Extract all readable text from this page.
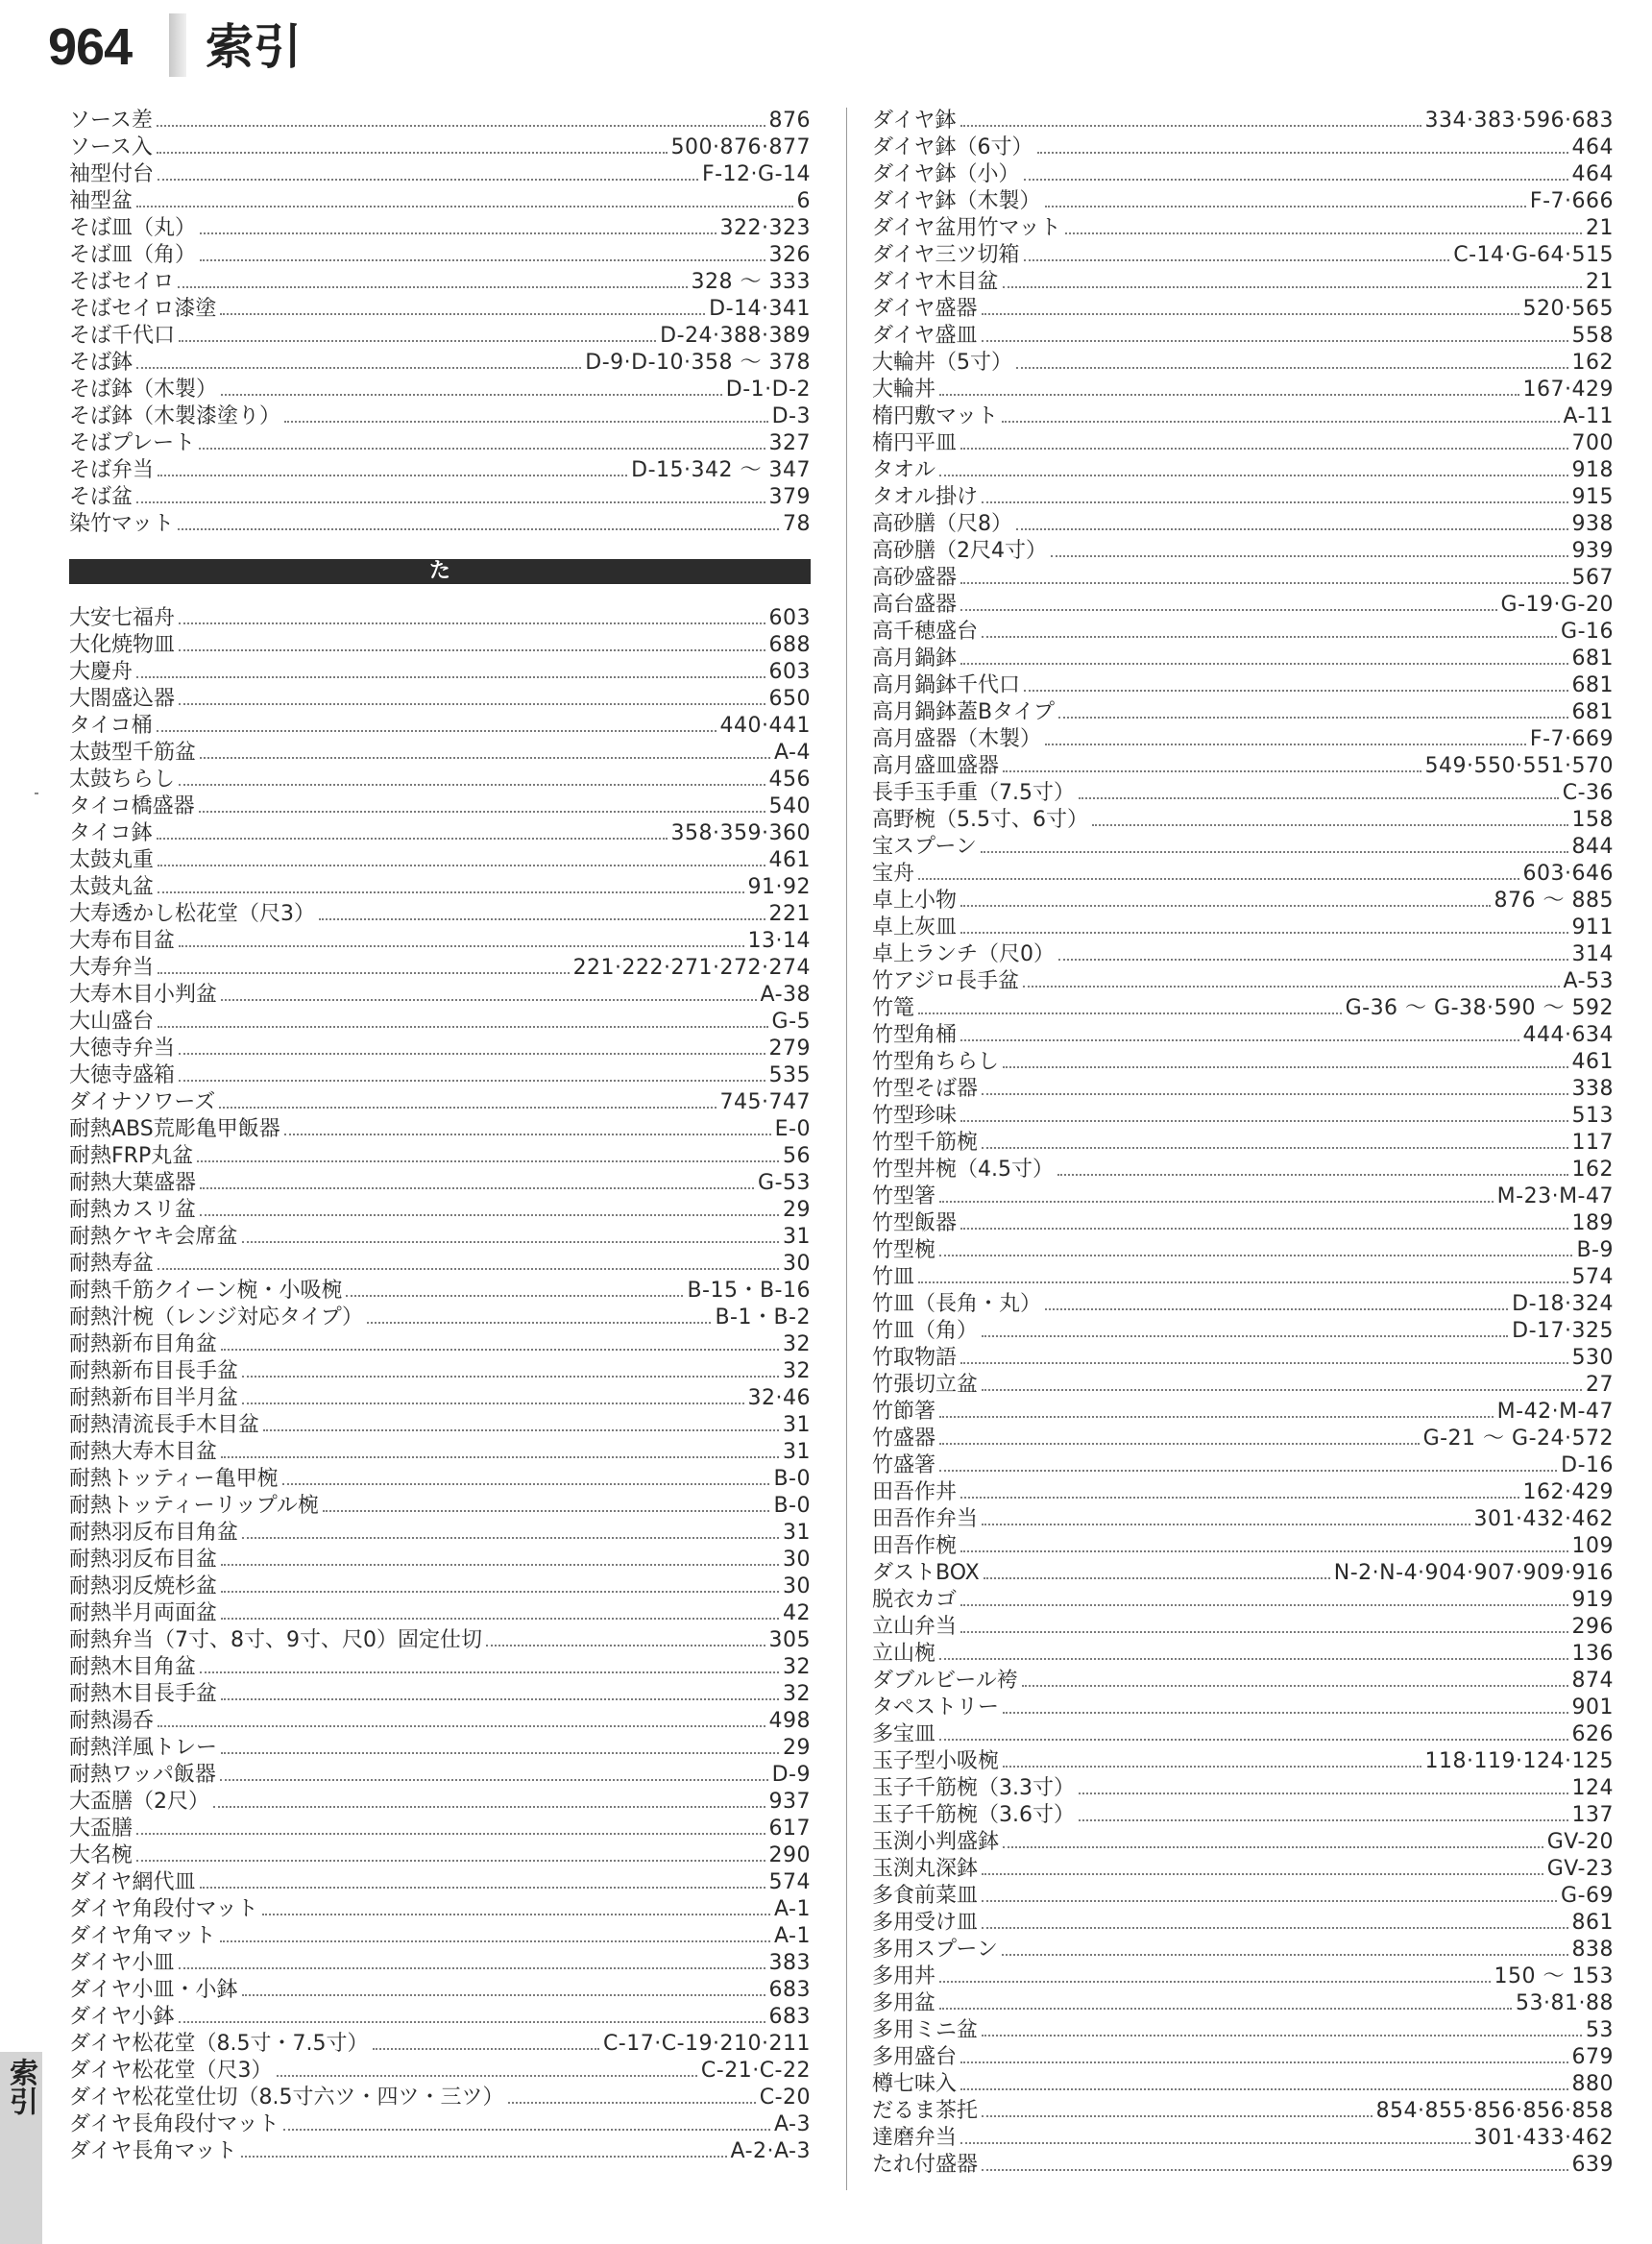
964 索引
ソース差	876
ソース入	500·876·877
袖型付台	F-12·G-14
袖型盆	6
そば皿（丸）	322·323
そば皿（角）	326
そばセイロ	328 ～ 333
そばセイロ漆塗	D-14·341
そば千代口	D-24·388·389
そば鉢	D-9·D-10·358 ～ 378
そば鉢（木製）	D-1·D-2
そば鉢（木製漆塗り）	D-3
そばプレート	327
そば弁当	D-15·342 ～ 347
そば盆	379
染竹マット	78
た
大安七福舟	603
大化焼物皿	688
大慶舟	603
大閤盛込器	650
タイコ桶	440·441
太鼓型千筋盆	A-4
太鼓ちらし	456
タイコ橋盛器	540
タイコ鉢	358·359·360
太鼓丸重	461
太鼓丸盆	91·92
大寿透かし松花堂（尺3）	221
大寿布目盆	13·14
大寿弁当	221·222·271·272·274
大寿木目小判盆	A-38
大山盛台	G-5
大徳寺弁当	279
大徳寺盛箱	535
ダイナソワーズ	745·747
耐熱ABS荒彫亀甲飯器	E-0
耐熱FRP丸盆	56
耐熱大葉盛器	G-53
耐熱カスリ盆	29
耐熱ケヤキ会席盆	31
耐熱寿盆	30
耐熱千筋クイーン椀・小吸椀	B-15・B-16
耐熱汁椀（レンジ対応タイプ）	B-1・B-2
耐熱新布目角盆	32
耐熱新布目長手盆	32
耐熱新布目半月盆	32·46
耐熱清流長手木目盆	31
耐熱大寿木目盆	31
耐熱トッティー亀甲椀	B-0
耐熱トッティーリップル椀	B-0
耐熱羽反布目角盆	31
耐熱羽反布目盆	30
耐熱羽反焼杉盆	30
耐熱半月両面盆	42
耐熱弁当（7寸、8寸、9寸、尺0）固定仕切	305
耐熱木目角盆	32
耐熱木目長手盆	32
耐熱湯呑	498
耐熱洋風トレー	29
耐熱ワッパ飯器	D-9
大盃膳（2尺）	937
大盃膳	617
大名椀	290
ダイヤ網代皿	574
ダイヤ角段付マット	A-1
ダイヤ角マット	A-1
ダイヤ小皿	383
ダイヤ小皿・小鉢	683
ダイヤ小鉢	683
ダイヤ松花堂（8.5寸・7.5寸）	C-17·C-19·210·211
ダイヤ松花堂（尺3）	C-21·C-22
ダイヤ松花堂仕切（8.5寸六ツ・四ツ・三ツ）	C-20
ダイヤ長角段付マット	A-3
ダイヤ長角マット	A-2·A-3
ダイヤ鉢	334·383·596·683
ダイヤ鉢（6寸）	464
ダイヤ鉢（小）	464
ダイヤ鉢（木製）	F-7·666
ダイヤ盆用竹マット	21
ダイヤ三ツ切箱	C-14·G-64·515
ダイヤ木目盆	21
ダイヤ盛器	520·565
ダイヤ盛皿	558
大輪丼（5寸）	162
大輪丼	167·429
楕円敷マット	A-11
楕円平皿	700
タオル	918
タオル掛け	915
高砂膳（尺8）	938
高砂膳（2尺4寸）	939
高砂盛器	567
高台盛器	G-19·G-20
高千穂盛台	G-16
高月鍋鉢	681
高月鍋鉢千代口	681
高月鍋鉢蓋Bタイプ	681
高月盛器（木製）	F-7·669
高月盛皿盛器	549·550·551·570
長手玉手重（7.5寸）	C-36
高野椀（5.5寸、6寸）	158
宝スプーン	844
宝舟	603·646
卓上小物	876 ～ 885
卓上灰皿	911
卓上ランチ（尺0）	314
竹アジロ長手盆	A-53
竹篭	G-36 ～ G-38·590 ～ 592
竹型角桶	444·634
竹型角ちらし	461
竹型そば器	338
竹型珍味	513
竹型千筋椀	117
竹型丼椀（4.5寸）	162
竹型箸	M-23·M-47
竹型飯器	189
竹型椀	B-9
竹皿	574
竹皿（長角・丸）	D-18·324
竹皿（角）	D-17·325
竹取物語	530
竹張切立盆	27
竹節箸	M-42·M-47
竹盛器	G-21 ～ G-24·572
竹盛箸	D-16
田吾作丼	162·429
田吾作弁当	301·432·462
田吾作椀	109
ダストBOX	N-2·N-4·904·907·909·916
脱衣カゴ	919
立山弁当	296
立山椀	136
ダブルビール袴	874
タペストリー	901
多宝皿	626
玉子型小吸椀	118·119·124·125
玉子千筋椀（3.3寸）	124
玉子千筋椀（3.6寸）	137
玉渕小判盛鉢	GV-20
玉渕丸深鉢	GV-23
多食前菜皿	G-69
多用受け皿	861
多用スプーン	838
多用丼	150 ～ 153
多用盆	53·81·88
多用ミニ盆	53
多用盛台	679
樽七味入	880
だるま茶托	854·855·856·856·858
達磨弁当	301·433·462
たれ付盛器	639
索引
